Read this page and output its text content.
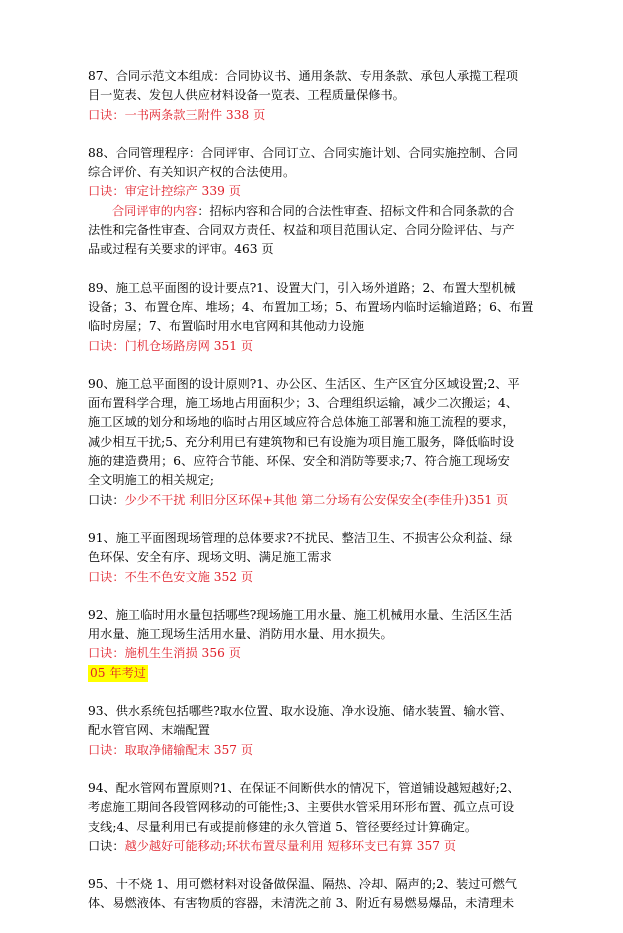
87、合同示范文本组成：合同协议书、通用条款、专用条款、承包人承揽工程项
目一览表、发包人供应材料设备一览表、工程质量保修书。
口诀：一书两条款三附件 338 页
88、合同管理程序：合同评审、合同订立、合同实施计划、合同实施控制、合同
综合评价、有关知识产权的合法使用。
口诀：审定计控综产 339 页
合同评审的内容：招标内容和合同的合法性审查、招标文件和合同条款的合
法性和完备性审查、合同双方责任、权益和项目范围认定、合同分险评估、与产
品或过程有关要求的评审。463 页
89、施工总平面图的设计要点?1、设置大门，引入场外道路；2、布置大型机械
设备；3、布置仓库、堆场；4、布置加工场；5、布置场内临时运输道路；6、布置
临时房屋；7、布置临时用水电官网和其他动力设施
口诀：门机仓场路房网 351 页
90、施工总平面图的设计原则?1、办公区、生活区、生产区宜分区域设置;2、平
面布置科学合理，施工场地占用面积少；3、合理组织运输，减少二次搬运；4、
施工区域的划分和场地的临时占用区域应符合总体施工部署和施工流程的要求，
减少相互干扰;5、充分利用已有建筑物和已有设施为项目施工服务，降低临时设
施的建造费用；6、应符合节能、环保、安全和消防等要求;7、符合施工现场安
全文明施工的相关规定;
口诀：少少不干扰 利旧分区环保+其他 第二分场有公安保安全(李佳升)351 页
91、施工平面图现场管理的总体要求?不扰民、整洁卫生、不损害公众利益、绿
色环保、安全有序、现场文明、满足施工需求
口诀：不生不色安文施 352 页
92、施工临时用水量包括哪些?现场施工用水量、施工机械用水量、生活区生活
用水量、施工现场生活用水量、消防用水量、用水损失。
口诀：施机生生消损 356 页
05 年考过
93、供水系统包括哪些?取水位置、取水设施、净水设施、储水装置、输水管、
配水管官网、末端配置
口诀：取取净储输配末 357 页
94、配水管网布置原则?1、在保证不间断供水的情况下，管道铺设越短越好;2、
考虑施工期间各段管网移动的可能性;3、主要供水管采用环形布置、孤立点可设
支线;4、尽量利用已有或提前修建的永久管道 5、管径要经过计算确定。
口诀：越少越好可能移动;环状布置尽量利用 短移环支已有算 357 页
95、十不烧 1、用可燃材料对设备做保温、隔热、冷却、隔声的;2、装过可燃气
体、易燃液体、有害物质的容器，未清洗之前 3、附近有易燃易爆品，未清理未
